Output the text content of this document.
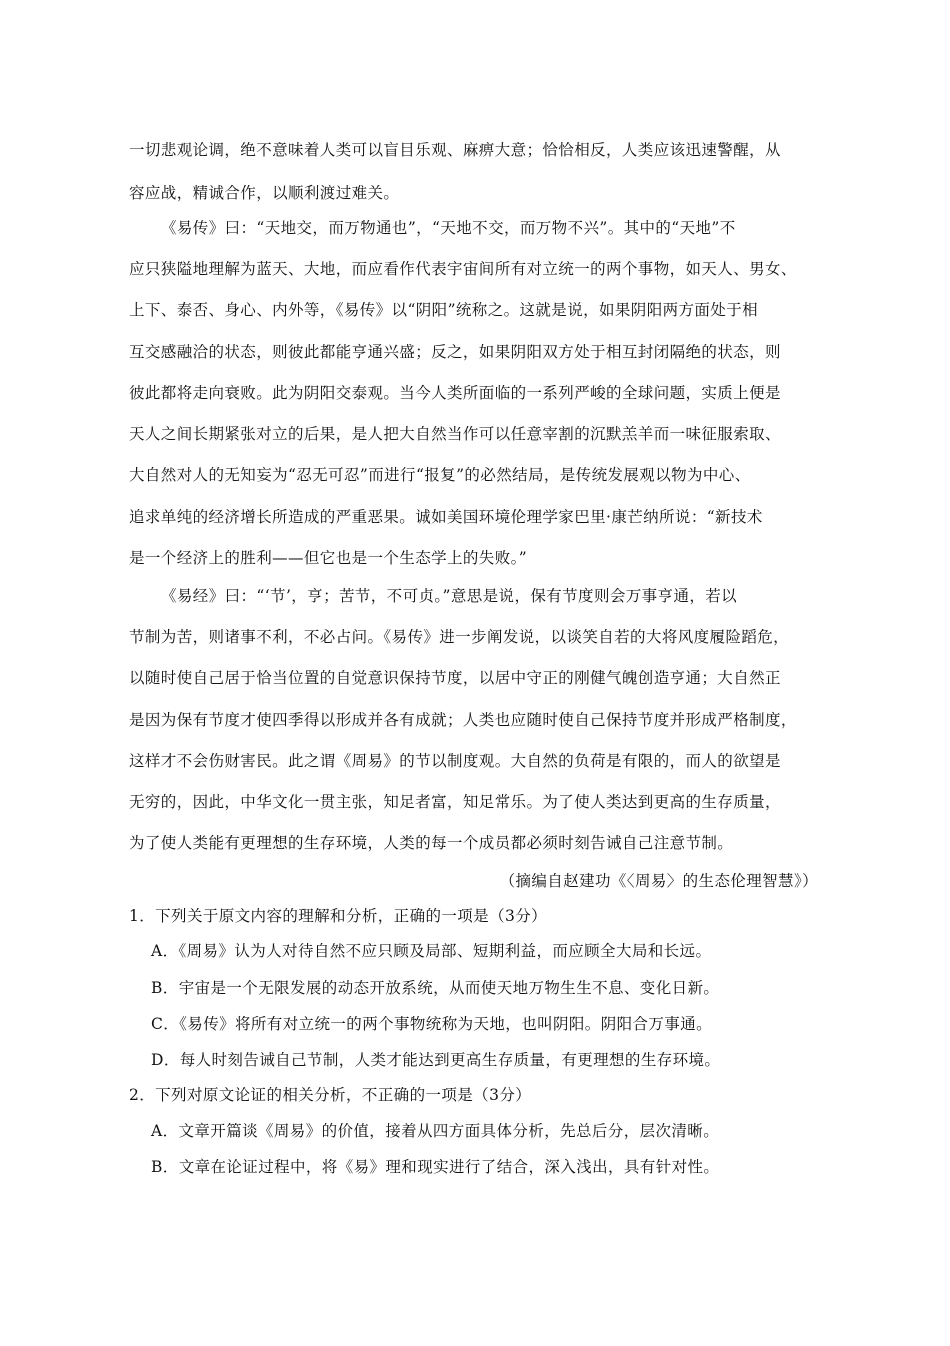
一切悲观论调，绝不意味着人类可以盲目乐观、麻痹大意；恰恰相反，人类应该迅速警醒，从
容应战，精诚合作，以顺利渡过难关。
《易传》曰：“天地交，而万物通也”，“天地不交，而万物不兴”。其中的“天地”不
应只狭隘地理解为蓝天、大地，而应看作代表宇宙间所有对立统一的两个事物，如天人、男女、
上下、泰否、身心、内外等，《易传》以“阴阳”统称之。这就是说，如果阴阳两方面处于相
互交感融洽的状态，则彼此都能亨通兴盛；反之，如果阴阳双方处于相互封闭隔绝的状态，则
彼此都将走向衰败。此为阴阳交泰观。当今人类所面临的一系列严峻的全球问题，实质上便是
天人之间长期紧张对立的后果，是人把大自然当作可以任意宰割的沉默羔羊而一味征服索取、
大自然对人的无知妄为“忍无可忍”而进行“报复”的必然结局，是传统发展观以物为中心、
追求单纯的经济增长所造成的严重恶果。诚如美国环境伦理学家巴里·康芒纳所说：“新技术
是一个经济上的胜利——但它也是一个生态学上的失败。”
《易经》曰：“‘节’，亨；苦节，不可贞。”意思是说，保有节度则会万事亨通，若以
节制为苦，则诸事不利，不必占问。《易传》进一步阐发说，以谈笑自若的大将风度履险蹈危，
以随时使自己居于恰当位置的自觉意识保持节度，以居中守正的刚健气魄创造亨通；大自然正
是因为保有节度才使四季得以形成并各有成就；人类也应随时使自己保持节度并形成严格制度，
这样才不会伤财害民。此之谓《周易》的节以制度观。大自然的负荷是有限的，而人的欲望是
无穷的，因此，中华文化一贯主张，知足者富，知足常乐。为了使人类达到更高的生存质量，
为了使人类能有更理想的生存环境，人类的每一个成员都必须时刻告诫自己注意节制。
（摘编自赵建功《〈周易〉的生态伦理智慧》）
1．下列关于原文内容的理解和分析，正确的一项是（3分）
A．《周易》认为人对待自然不应只顾及局部、短期利益，而应顾全大局和长远。
B．宇宙是一个无限发展的动态开放系统，从而使天地万物生生不息、变化日新。
C．《易传》将所有对立统一的两个事物统称为天地，也叫阴阳。阴阳合万事通。
D．每人时刻告诫自己节制，人类才能达到更高生存质量，有更理想的生存环境。
2．下列对原文论证的相关分析，不正确的一项是（3分）
A．文章开篇谈《周易》的价值，接着从四方面具体分析，先总后分，层次清晰。
B．文章在论证过程中，将《易》理和现实进行了结合，深入浅出，具有针对性。
